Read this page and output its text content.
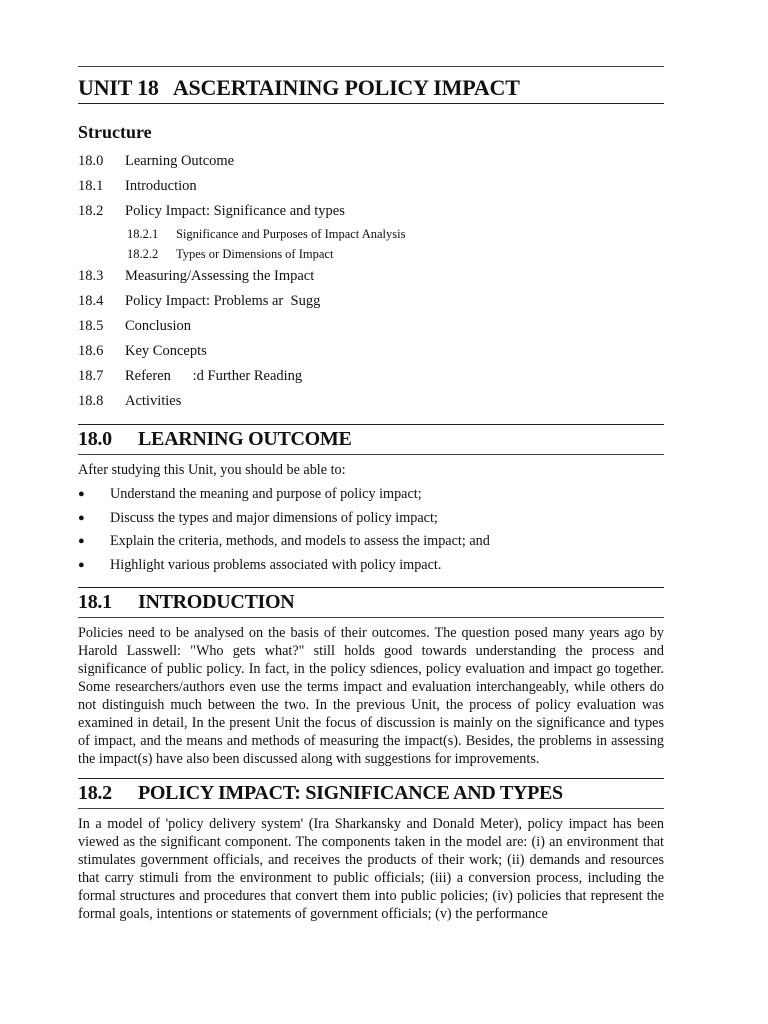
UNIT 18 ASCERTAINING POLICY IMPACT
Structure
18.0	Learning Outcome
18.1	Introduction
18.2	Policy Impact: Significance and types
18.2.1	Significance and Purposes of Impact Analysis
18.2.2	Types or Dimensions of Impact
18.3	Measuring/Assessing the Impact
18.4	Policy Impact: Problems ar  Sugg
18.5	Conclusion
18.6	Key Concepts
18.7	Referen      :d Further Reading
18.8	Activities
18.0	LEARNING OUTCOME

After studying this Unit, you should be able to:

●	Understand the meaning and purpose of policy impact;
●	Discuss the types and major dimensions of policy impact;
●	Explain the criteria, methods, and models to assess the impact; and
●	Highlight various problems associated with policy impact.
18.1	INTRODUCTION

Policies need to be analysed on the basis of their outcomes. The question posed many years ago by Harold Lasswell: "Who gets what?" still holds good towards understanding the process and significance of public policy. In fact, in the policy sdiences, policy evaluation and impact go together. Some researchers/authors even use the terms impact and evaluation interchangeably, while others do not distinguish much between the two. In the previous Unit, the process of policy evaluation was examined in detail, In the present Unit the focus of discussion is mainly on the significance and types of impact, and the means and methods of measuring the impact(s). Besides, the problems in assessing the impact(s) have also been discussed along with suggestions for improvements.

18.2	POLICY IMPACT: SIGNIFICANCE AND TYPES

In a model of 'policy delivery system' (Ira Sharkansky and Donald Meter), policy impact has been viewed as the significant component. The components taken in the model are: (i) an environment that stimulates government officials, and receives the products of their work; (ii) demands and resources that carry stimuli from the environment to public officials; (iii) a conversion process, including the formal structures and procedures that convert them into public policies; (iv) policies that represent the formal goals, intentions or statements of government officials; (v) the performance
